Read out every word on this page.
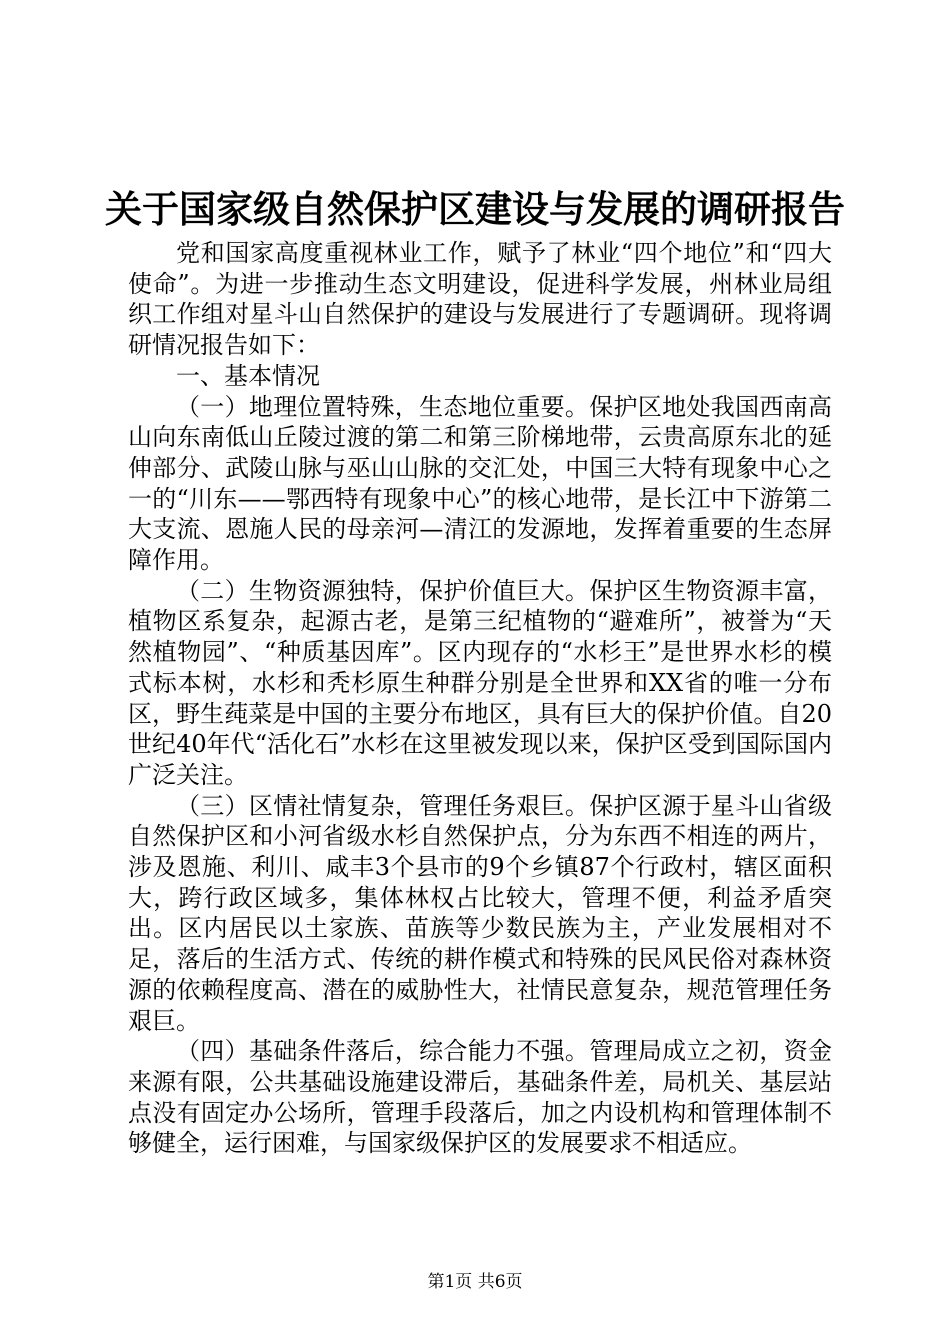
关于国家级自然保护区建设与发展的调研报告

党和国家高度重视林业工作，赋予了林业“四个地位”和“四大使命”。为进一步推动生态文明建设，促进科学发展，州林业局组织工作组对星斗山自然保护的建设与发展进行了专题调研。现将调研情况报告如下：

一、基本情况

（一）地理位置特殊，生态地位重要。保护区地处我国西南高山向东南低山丘陵过渡的第二和第三阶梯地带，云贵高原东北的延伸部分、武陵山脉与巫山山脉的交汇处，中国三大特有现象中心之一的“川东——鄂西特有现象中心”的核心地带，是长江中下游第二大支流、恩施人民的母亲河—清江的发源地，发挥着重要的生态屏障作用。

（二）生物资源独特，保护价值巨大。保护区生物资源丰富，植物区系复杂，起源古老，是第三纪植物的“避难所”，被誉为“天然植物园”、“种质基因库”。区内现存的“水杉王”是世界水杉的模式标本树，水杉和秃杉原生种群分别是全世界和XX省的唯一分布区，野生莼菜是中国的主要分布地区，具有巨大的保护价值。自20世纪40年代“活化石”水杉在这里被发现以来，保护区受到国际国内广泛关注。

（三）区情社情复杂，管理任务艰巨。保护区源于星斗山省级自然保护区和小河省级水杉自然保护点，分为东西不相连的两片，涉及恩施、利川、咸丰3个县市的9个乡镇87个行政村，辖区面积大，跨行政区域多，集体林权占比较大，管理不便，利益矛盾突出。区内居民以土家族、苗族等少数民族为主，产业发展相对不足，落后的生活方式、传统的耕作模式和特殊的民风民俗对森林资源的依赖程度高、潜在的威胁性大，社情民意复杂，规范管理任务艰巨。

（四）基础条件落后，综合能力不强。管理局成立之初，资金来源有限，公共基础设施建设滞后，基础条件差，局机关、基层站点没有固定办公场所，管理手段落后，加之内设机构和管理体制不够健全，运行困难，与国家级保护区的发展要求不相适应。

第1页 共6页
